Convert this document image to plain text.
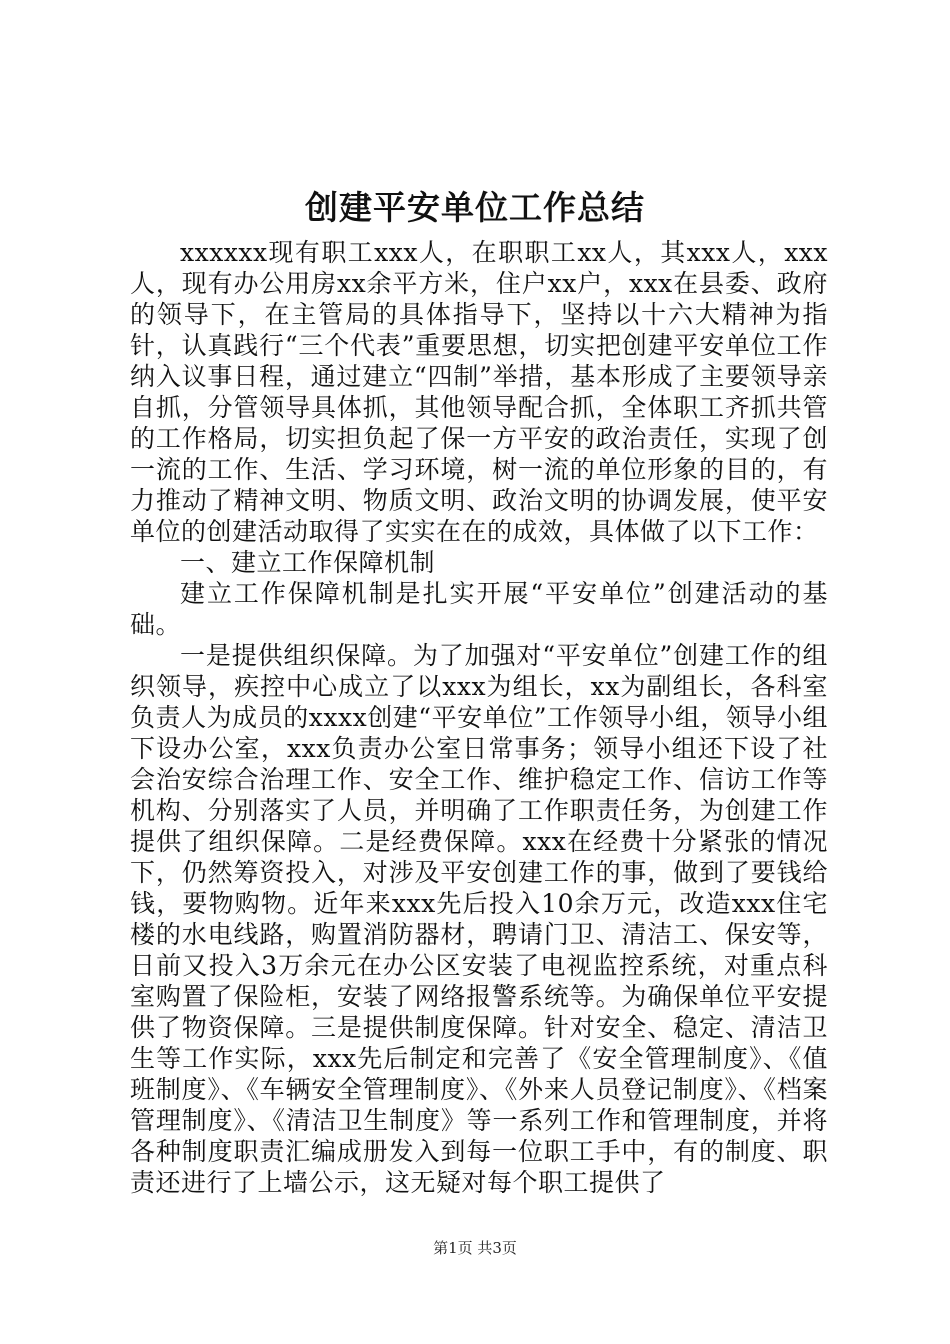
创建平安单位工作总结

xxxxxx现有职工xxx人，在职职工xx人，其xxx人，xxx人，现有办公用房xx余平方米，住户xx户，xxx在县委、政府的领导下，在主管局的具体指导下，坚持以十六大精神为指针，认真践行“三个代表”重要思想，切实把创建平安单位工作纳入议事日程，通过建立“四制”举措，基本形成了主要领导亲自抓，分管领导具体抓，其他领导配合抓，全体职工齐抓共管的工作格局，切实担负起了保一方平安的政治责任，实现了创一流的工作、生活、学习环境，树一流的单位形象的目的，有力推动了精神文明、物质文明、政治文明的协调发展，使平安单位的创建活动取得了实实在在的成效，具体做了以下工作：

一、建立工作保障机制

建立工作保障机制是扎实开展“平安单位”创建活动的基础。

一是提供组织保障。为了加强对“平安单位”创建工作的组织领导，疾控中心成立了以xxx为组长，xx为副组长，各科室负责人为成员的xxxx创建“平安单位”工作领导小组，领导小组下设办公室，xxx负责办公室日常事务；领导小组还下设了社会治安综合治理工作、安全工作、维护稳定工作、信访工作等机构、分别落实了人员，并明确了工作职责任务，为创建工作提供了组织保障。二是经费保障。xxx在经费十分紧张的情况下，仍然筹资投入，对涉及平安创建工作的事，做到了要钱给钱，要物购物。近年来xxx先后投入10余万元，改造xxx住宅楼的水电线路，购置消防器材，聘请门卫、清洁工、保安等，日前又投入3万余元在办公区安装了电视监控系统，对重点科室购置了保险柜，安装了网络报警系统等。为确保单位平安提供了物资保障。三是提供制度保障。针对安全、稳定、清洁卫生等工作实际，xxx先后制定和完善了《安全管理制度》、《值班制度》、《车辆安全管理制度》、《外来人员登记制度》、《档案管理制度》、《清洁卫生制度》等一系列工作和管理制度，并将各种制度职责汇编成册发入到每一位职工手中，有的制度、职责还进行了上墙公示，这无疑对每个职工提供了

第1页 共3页
